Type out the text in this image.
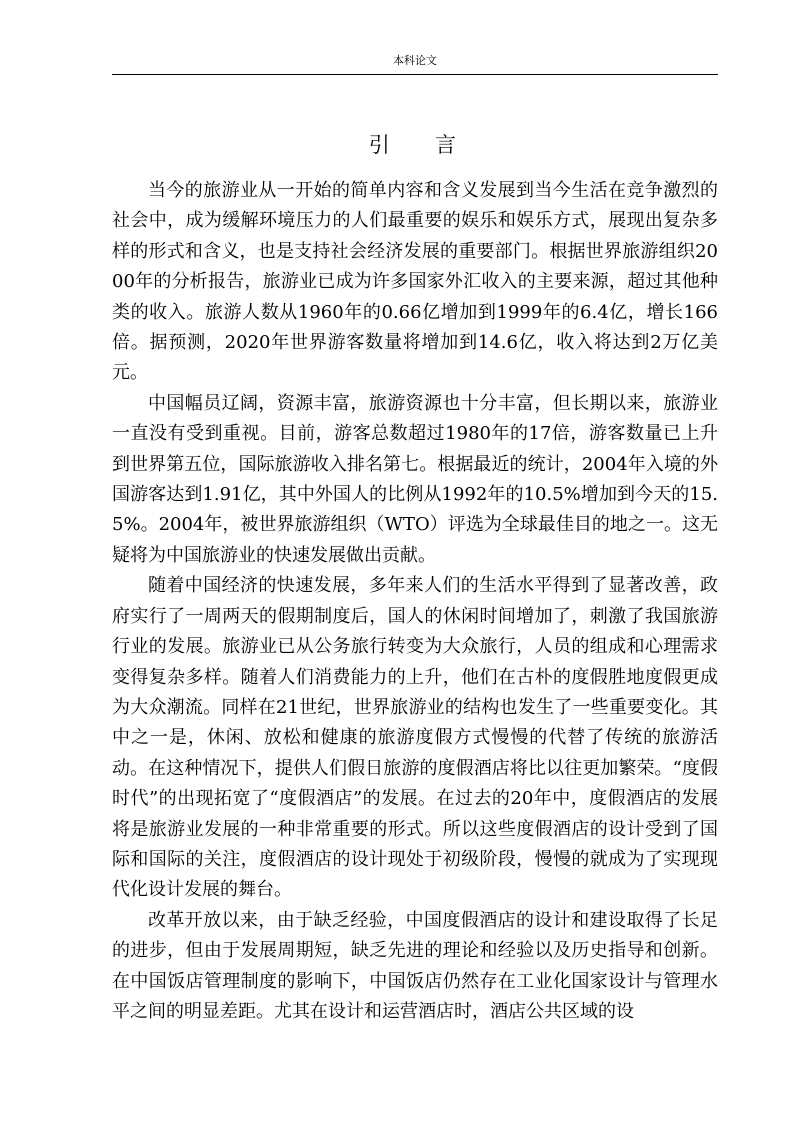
本科论文
引 言

当今的旅游业从一开始的简单内容和含义发展到当今生活在竞争激烈的社会中，成为缓解环境压力的人们最重要的娱乐和娱乐方式，展现出复杂多样的形式和含义，也是支持社会经济发展的重要部门。根据世界旅游组织2000年的分析报告，旅游业已成为许多国家外汇收入的主要来源，超过其他种类的收入。旅游人数从1960年的0.66亿增加到1999年的6.4亿，增长166倍。据预测，2020年世界游客数量将增加到14.6亿，收入将达到2万亿美元。

中国幅员辽阔，资源丰富，旅游资源也十分丰富，但长期以来，旅游业一直没有受到重视。目前，游客总数超过1980年的17倍，游客数量已上升到世界第五位，国际旅游收入排名第七。根据最近的统计，2004年入境的外国游客达到1.91亿，其中外国人的比例从1992年的10.5%增加到今天的15.5%。2004年，被世界旅游组织（WTO）评选为全球最佳目的地之一。这无疑将为中国旅游业的快速发展做出贡献。

随着中国经济的快速发展，多年来人们的生活水平得到了显著改善，政府实行了一周两天的假期制度后，国人的休闲时间增加了，刺激了我国旅游行业的发展。旅游业已从公务旅行转变为大众旅行，人员的组成和心理需求变得复杂多样。随着人们消费能力的上升，他们在古朴的度假胜地度假更成为大众潮流。同样在21世纪，世界旅游业的结构也发生了一些重要变化。其中之一是，休闲、放松和健康的旅游度假方式慢慢的代替了传统的旅游活动。在这种情况下，提供人们假日旅游的度假酒店将比以往更加繁荣。“度假时代”的出现拓宽了“度假酒店”的发展。在过去的20年中，度假酒店的发展将是旅游业发展的一种非常重要的形式。所以这些度假酒店的设计受到了国际和国际的关注，度假酒店的设计现处于初级阶段，慢慢的就成为了实现现代化设计发展的舞台。

改革开放以来，由于缺乏经验，中国度假酒店的设计和建设取得了长足的进步，但由于发展周期短，缺乏先进的理论和经验以及历史指导和创新。在中国饭店管理制度的影响下，中国饭店仍然存在工业化国家设计与管理水平之间的明显差距。尤其在设计和运营酒店时，酒店公共区域的设
